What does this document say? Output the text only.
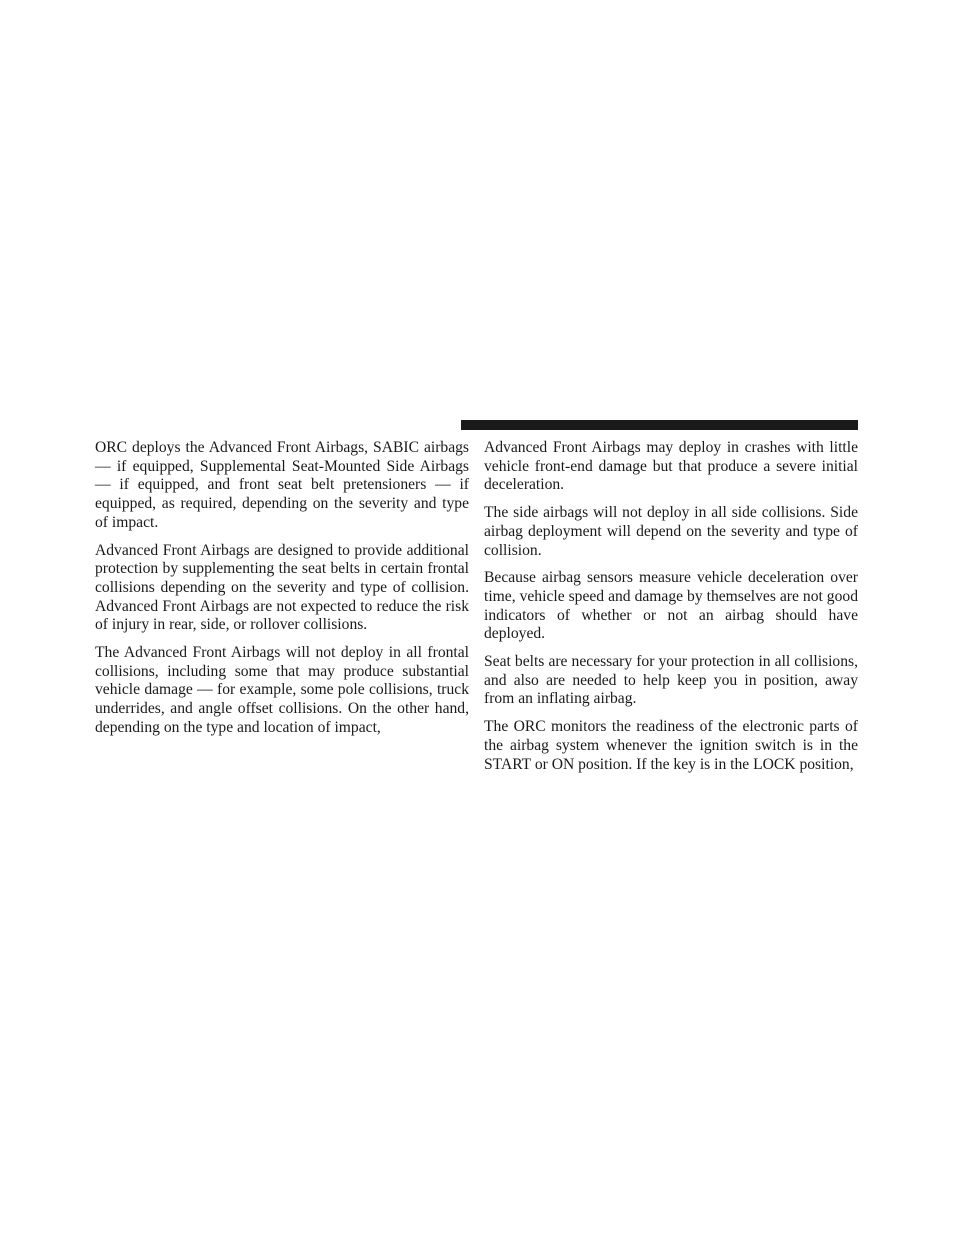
ORC deploys the Advanced Front Airbags, SABIC airbags — if equipped, Supplemental Seat-Mounted Side Airbags — if equipped, and front seat belt pretensioners — if equipped, as required, depending on the severity and type of impact.

Advanced Front Airbags are designed to provide additional protection by supplementing the seat belts in certain frontal collisions depending on the severity and type of collision. Advanced Front Airbags are not expected to reduce the risk of injury in rear, side, or rollover collisions.

The Advanced Front Airbags will not deploy in all frontal collisions, including some that may produce substantial vehicle damage — for example, some pole collisions, truck underrides, and angle offset collisions. On the other hand, depending on the type and location of impact,

Advanced Front Airbags may deploy in crashes with little vehicle front-end damage but that produce a severe initial deceleration.

The side airbags will not deploy in all side collisions. Side airbag deployment will depend on the severity and type of collision.

Because airbag sensors measure vehicle deceleration over time, vehicle speed and damage by themselves are not good indicators of whether or not an airbag should have deployed.

Seat belts are necessary for your protection in all collisions, and also are needed to help keep you in position, away from an inflating airbag.

The ORC monitors the readiness of the electronic parts of the airbag system whenever the ignition switch is in the START or ON position. If the key is in the LOCK position,
